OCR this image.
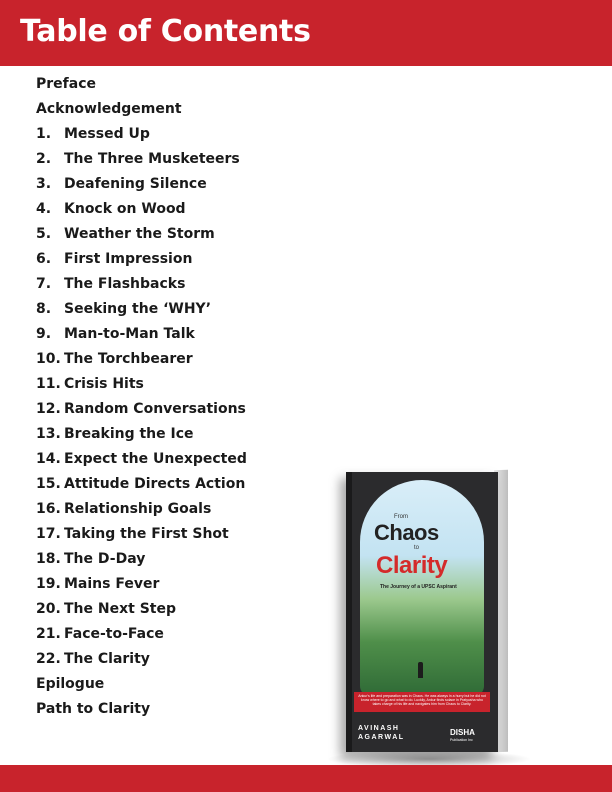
Table of Contents
Preface
Acknowledgement
1. Messed Up
2. The Three Musketeers
3. Deafening Silence
4. Knock on Wood
5. Weather the Storm
6. First Impression
7. The Flashbacks
8. Seeking the ‘WHY’
9. Man-to-Man Talk
10. The Torchbearer
11. Crisis Hits
12. Random Conversations
13. Breaking the Ice
14. Expect the Unexpected
15. Attitude Directs Action
16. Relationship Goals
17. Taking the First Shot
18. The D-Day
19. Mains Fever
20. The Next Step
21. Face-to-Face
22. The Clarity
Epilogue
Path to Clarity
From
Chaos
to
Clarity
The Journey of a UPSC Aspirant
Ankur's life and preparation was in Chaos. He was always in a hurry but he did not know where to go and what to do. Luckily, Ankur finds solace in Pratyusha who takes charge of his life and navigates him from Chaos to Clarity.
AVINASH
AGARWAL
DISHA
Publication Inc
